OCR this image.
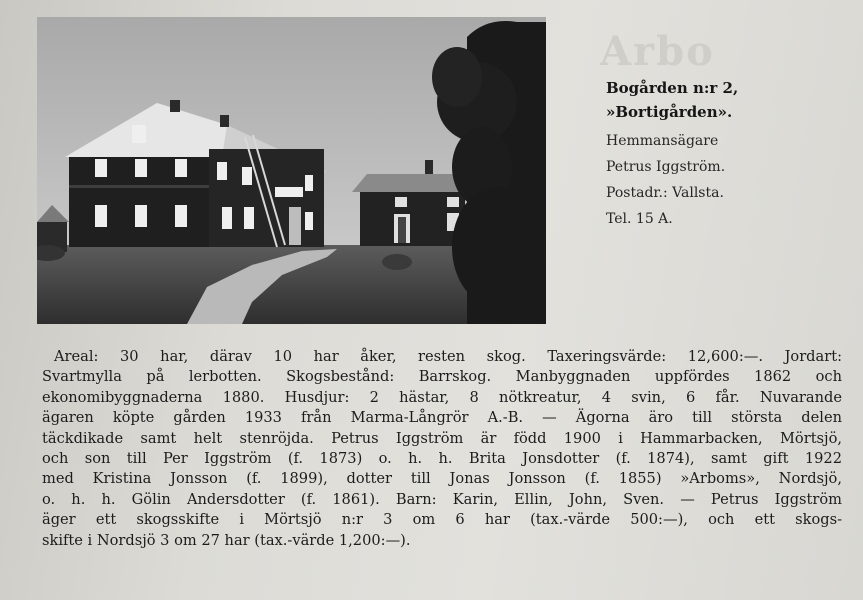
Arbo
Bogården n:r 2,
»Bortigården».
Hemmansägare
Petrus Iggström.
Postadr.: Vallsta.
Tel. 15 A.
Areal: 30 har, därav 10 har åker, resten skog. Taxeringsvärde: 12,600:—. Jordart:
Svartmylla på lerbotten. Skogsbestånd: Barrskog. Manbyggnaden uppfördes 1862 och
ekonomibyggnaderna 1880. Husdjur: 2 hästar, 8 nötkreatur, 4 svin, 6 får. Nuvarande
ägaren köpte gården 1933 från Marma-Långrör A.-B. — Ägorna äro till största delen
täckdikade samt helt stenröjda. Petrus Iggström är född 1900 i Hammarbacken, Mörtsjö,
och son till Per Iggström (f. 1873) o. h. h. Brita Jonsdotter (f. 1874), samt gift 1922
med Kristina Jonsson (f. 1899), dotter till Jonas Jonsson (f. 1855) »Arboms», Nordsjö,
o. h. h. Gölin Andersdotter (f. 1861). Barn: Karin, Ellin, John, Sven. — Petrus Iggström
äger ett skogsskifte i Mörtsjö n:r 3 om 6 har (tax.-värde 500:—), och ett skogs-
skifte i Nordsjö 3 om 27 har (tax.-värde 1,200:—).
